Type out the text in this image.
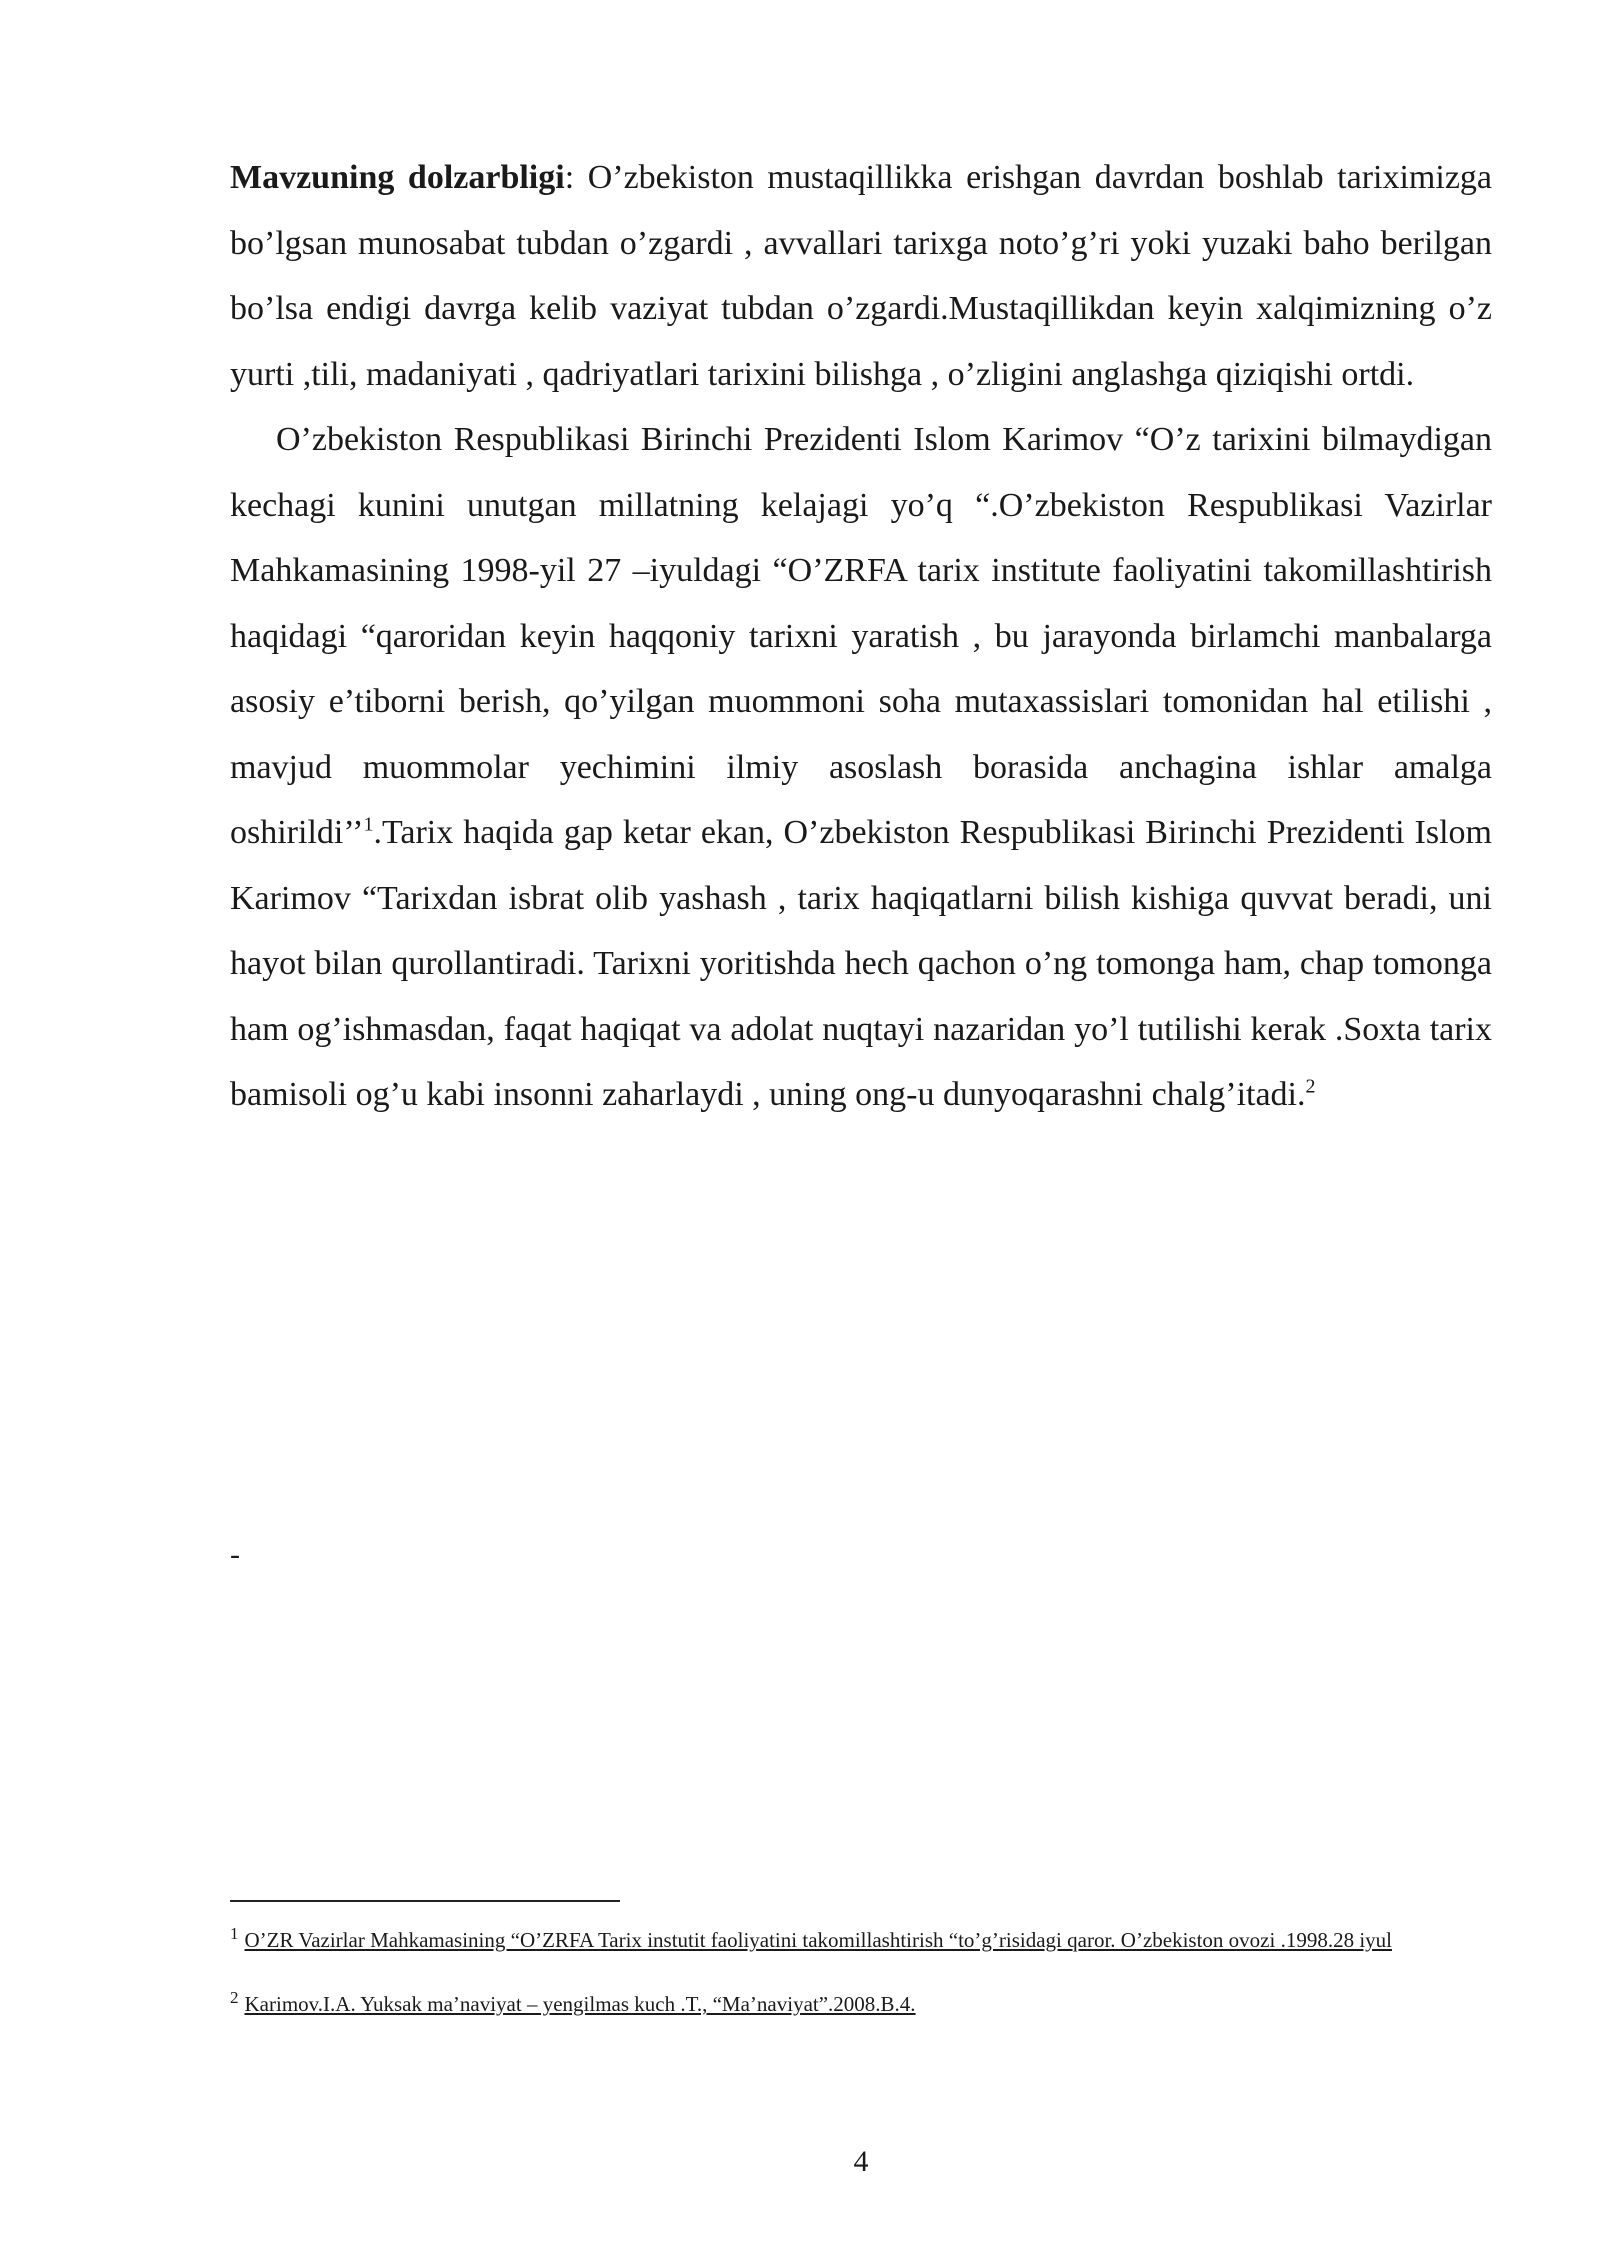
Mavzuning dolzarbligi: O’zbekiston mustaqillikka erishgan davrdan boshlab tariximizga bo’lgsan munosabat tubdan o’zgardi , avvallari tarixga noto’g’ri yoki yuzaki baho berilgan bo’lsa endigi davrga kelib vaziyat tubdan o’zgardi.Mustaqillikdan keyin xalqimizning o’z yurti ,tili, madaniyati , qadriyatlari tarixini bilishga , o’zligini anglashga qiziqishi ortdi.

O’zbekiston Respublikasi Birinchi Prezidenti Islom Karimov “O’z tarixini bilmaydigan kechagi kunini unutgan millatning kelajagi yo’q “.O’zbekiston Respublikasi Vazirlar Mahkamasining 1998-yil 27 –iyuldagi “O’ZRFA tarix institute faoliyatini takomillashtirish haqidagi “qaroridan keyin haqqoniy tarixni yaratish , bu jarayonda birlamchi manbalarga asosiy e’tiborni berish, qo’yilgan muommoni soha mutaxassislari tomonidan hal etilishi , mavjud muommolar yechimini ilmiy asoslash borasida anchagina ishlar amalga oshirildi’’$^1$.Tarix haqida gap ketar ekan, O’zbekiston Respublikasi Birinchi Prezidenti Islom Karimov “Tarixdan isbrat olib yashash , tarix haqiqatlarni bilish kishiga quvvat beradi, uni hayot bilan qurollantiradi. Tarixni yoritishda hech qachon o’ng tomonga ham, chap tomonga ham og’ishmasdan, faqat haqiqat va adolat nuqtayi nazaridan yo’l tutilishi kerak .Soxta tarix bamisoli og’u kabi insonni zaharlaydi , uning ong-u dunyoqarashni chalg’itadi.$^2$

-

$^1$ O’ZR Vazirlar Mahkamasining “O’ZRFA Tarix instutit faoliyatini takomillashtirish “to’g’risidagi qaror. O’zbekiston ovozi .1998.28 iyul

$^2$ Karimov.I.A. Yuksak ma’naviyat – yengilmas kuch .T., “Ma’naviyat”.2008.B.4.

4
